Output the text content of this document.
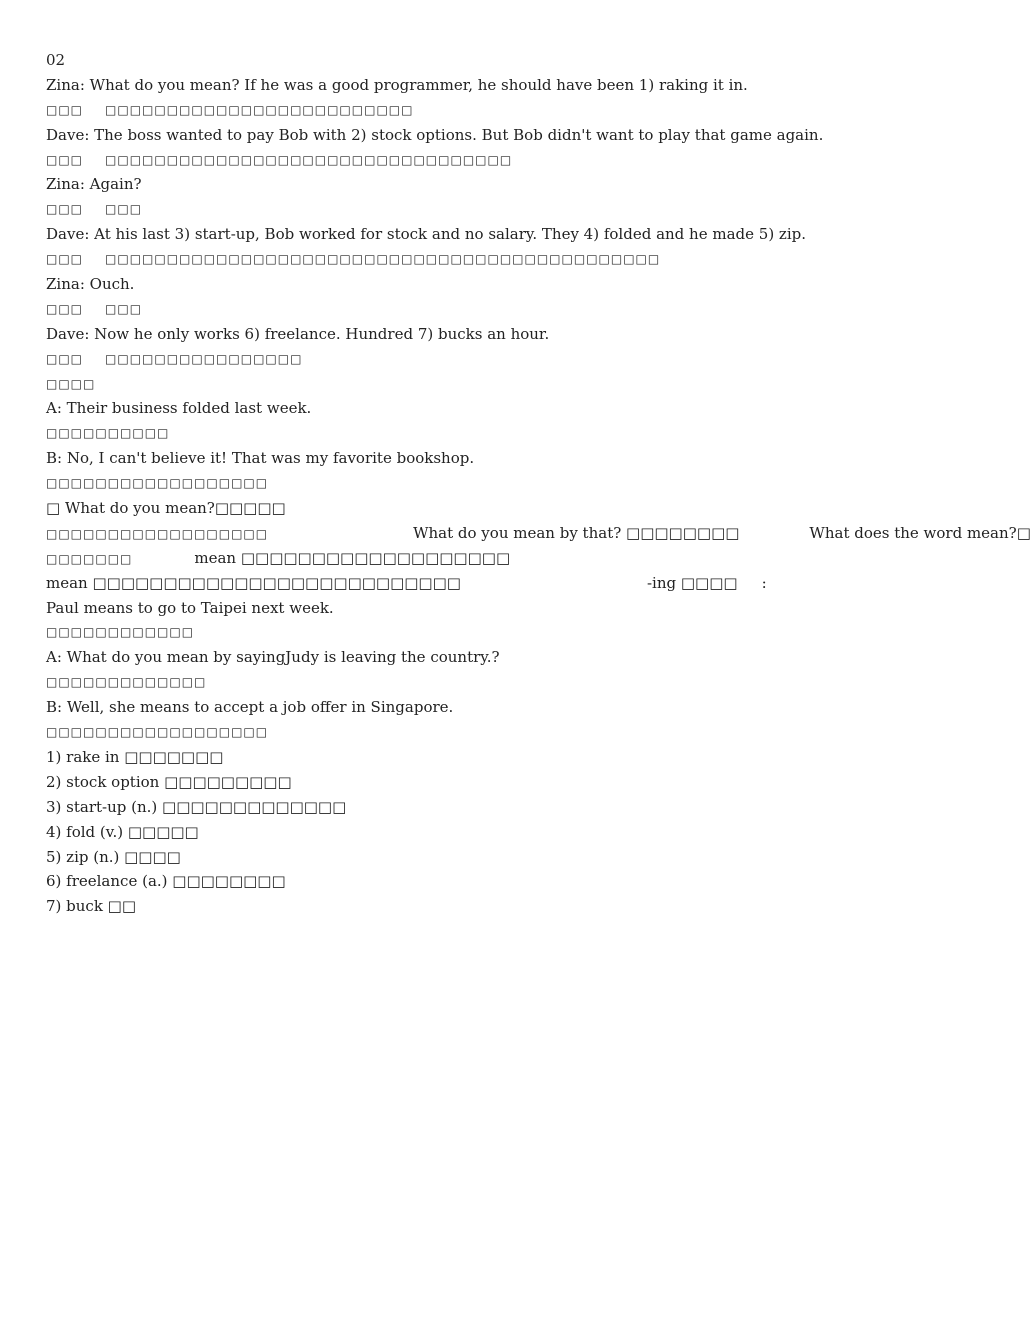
02
Zina: What do you mean? If he was a good programmer, he should have been 1) raking it in.
□□□ □□□□□□□□□□□□□□□□□□□□□□□□□
Dave: The boss wanted to pay Bob with 2) stock options. But Bob didn't want to play that game again.
□□□ □□□□□□□□□□□□□□□□□□□□□□□□□□□□□□□□□
Zina: Again?
□□□ □□□
Dave: At his last 3) start-up, Bob worked for stock and no salary. They 4) folded and he made 5) zip.
□□□ □□□□□□□□□□□□□□□□□□□□□□□□□□□□□□□□□□□□□□□□□□□□□
Zina: Ouch.
□□□ □□□
Dave: Now he only works 6) freelance. Hundred 7) bucks an hour.
□□□ □□□□□□□□□□□□□□□□
□□□□
A: Their business folded last week.
□□□□□□□□□□
B: No, I can't believe it! That was my favorite bookshop.
□□□□□□□□□□□□□□□□□□
□ What do you mean?□□□□□
□□□□□□□□□□□□□□□□□□	What do you mean by that? □□□□□□□□	What does the word mean?□
□□□□□□□	mean □□□□□□□□□□□□□□□□□□□
mean □□□□□□□□□□□□□□□□□□□□□□□□□□	-ing □□□□ :
Paul means to go to Taipei next week.
□□□□□□□□□□□□
A: What do you mean by sayingJudy is leaving the country.?
□□□□□□□□□□□□□
B: Well, she means to accept a job offer in Singapore.
□□□□□□□□□□□□□□□□□□
1) rake in □□□□□□□
2) stock option □□□□□□□□□
3) start-up (n.) □□□□□□□□□□□□□
4) fold (v.) □□□□□
5) zip (n.) □□□□
6) freelance (a.) □□□□□□□□
7) buck □□
